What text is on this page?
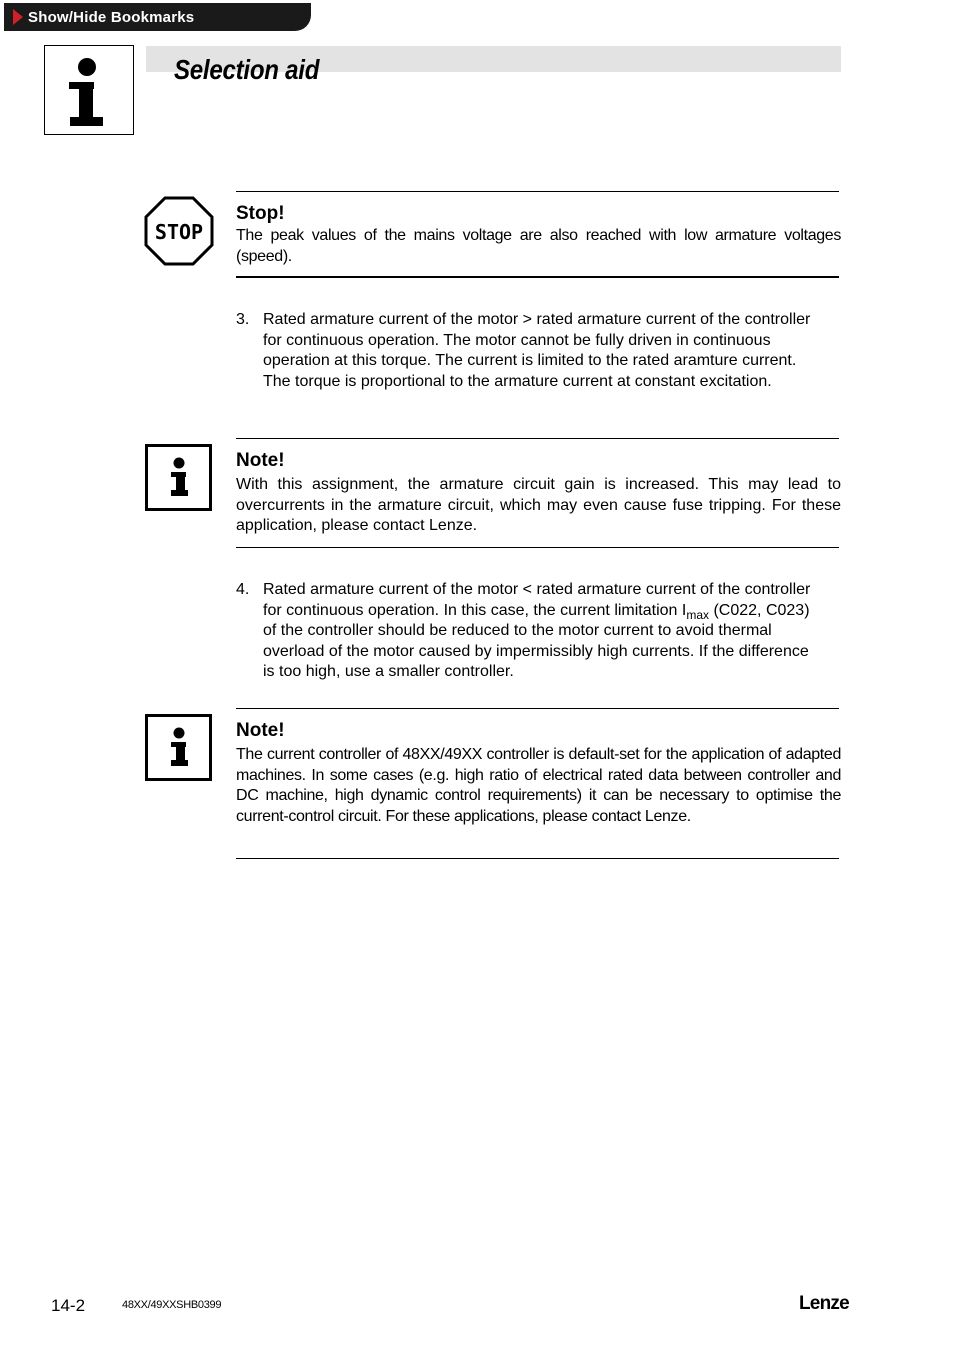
Show/Hide Bookmarks
Selection aid
STOP
Stop!
The peak values of the mains voltage are also reached with low armature voltages (speed).
3. Rated armature current of the motor > rated armature current of the controller for continuous operation. The motor cannot be fully driven in continuous operation at this torque. The current is limited to the rated aramture current. The torque is proportional to the armature current at constant excitation.
Note!
With this assignment, the armature circuit gain is increased. This may lead to overcurrents in the armature circuit, which may even cause fuse tripping. For these application, please contact Lenze.
4. Rated armature current of the motor < rated armature current of the controller for continuous operation. In this case, the current limitation $I_{max}$ (C022, C023) of the controller should be reduced to the motor current to avoid thermal overload of the motor caused by impermissibly high currents. If the difference is too high, use a smaller controller.
Note!
The current controller of 48XX/49XX controller is default-set for the application of adapted machines. In some cases (e.g. high ratio of electrical rated data between controller and DC machine, high dynamic control requirements) it can be necessary to optimise the current-control circuit. For these applications, please contact Lenze.
14-2	48XX/49XXSHB0399	Lenze
